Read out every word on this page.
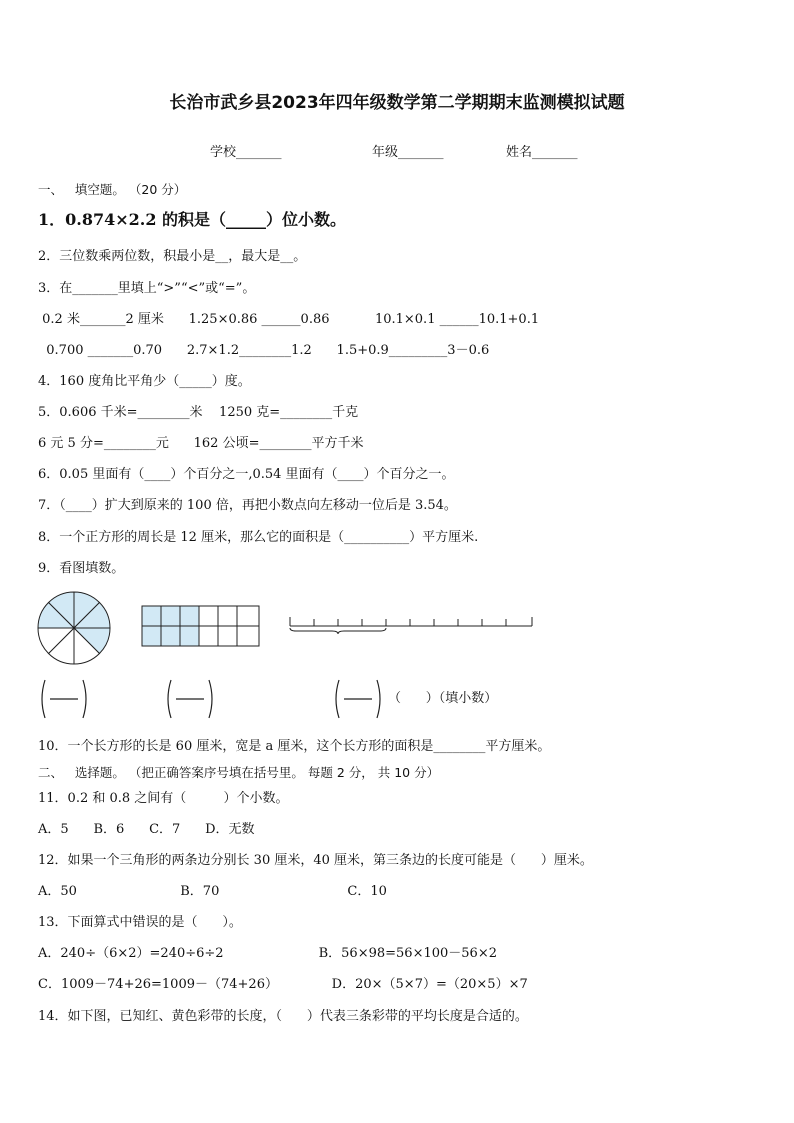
长治市武乡县2023年四年级数学第二学期期末监测模拟试题
学校_______	年级_______	姓名_______
一、   填空题。 （20 分）
1．0.874×2.2 的积是（_____）位小数。
2．三位数乘两位数，积最小是__，最大是__。
3．在_______里填上“>”“<”或“=”。
0.2 米_______2 厘米      1.25×0.86 ______0.86           10.1×0.1 ______10.1+0.1
0.700 _______0.70      2.7×1.2________1.2      1.5+0.9_________3－0.6
4．160 度角比平角少（_____）度。
5．0.606 千米=________米    1250 克=________千克
6 元 5 分=________元      162 公顷=________平方千米
6．0.05 里面有（____）个百分之一,0.54 里面有（____）个百分之一。
7．（____）扩大到原来的 100 倍，再把小数点向左移动一位后是 3.54。
8．一个正方形的周长是 12 厘米，那么它的面积是（__________）平方厘米.
9．看图填数。
（      ）（填小数）
10．一个长方形的长是 60 厘米，宽是 a 厘米，这个长方形的面积是________平方厘米。
二、   选择题。 （把正确答案序号填在括号里。 每题 2 分， 共 10 分）
11．0.2 和 0.8 之间有（         ）个小数。
A．5      B．6      C．7      D．无数
12．如果一个三角形的两条边分别长 30 厘米，40 厘米，第三条边的长度可能是（      ）厘米。
A．50                         B．70                               C．10
13．下面算式中错误的是（      ）。
A．240÷（6×2）=240÷6÷2                       B．56×98=56×100－56×2
C．1009－74+26=1009－（74+26）             D．20×（5×7）=（20×5）×7
14．如下图，已知红、黄色彩带的长度，（      ）代表三条彩带的平均长度是合适的。
